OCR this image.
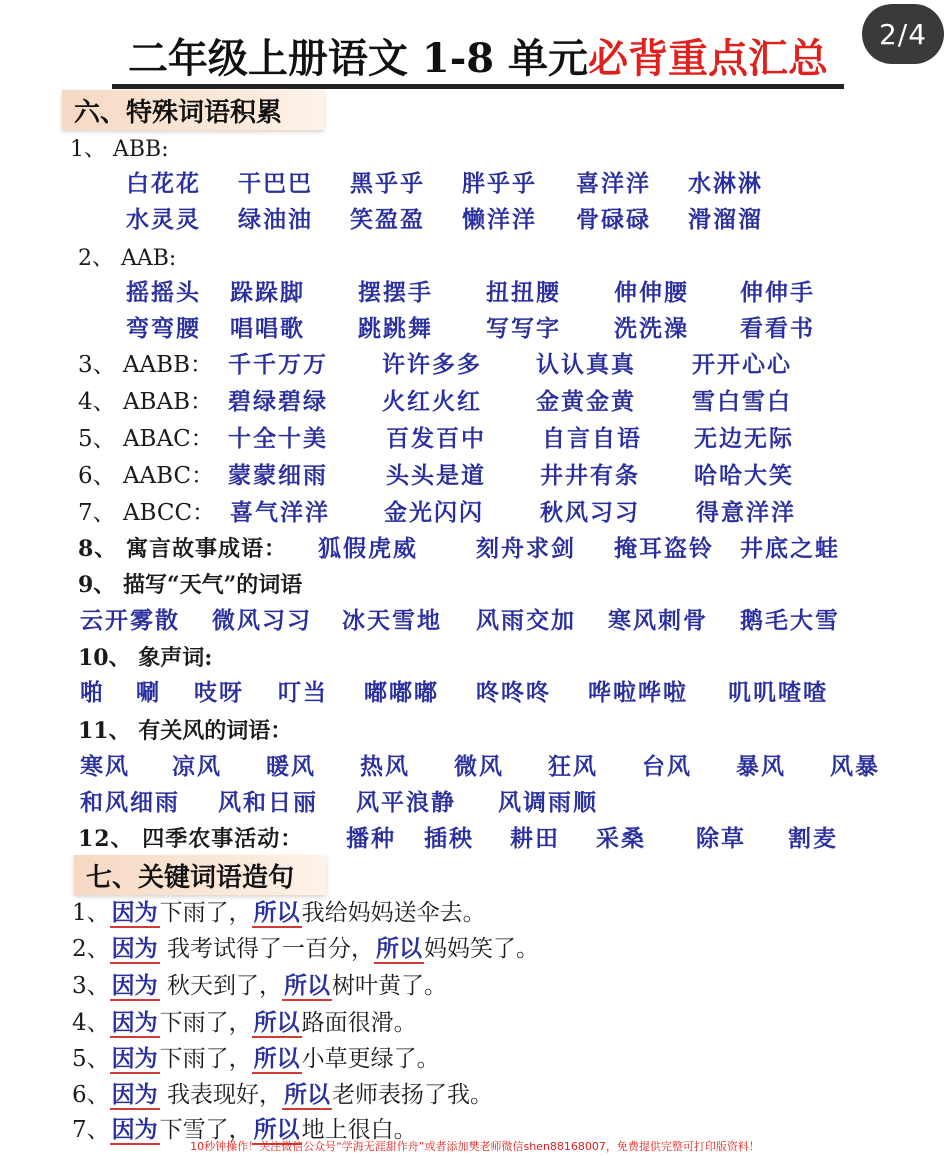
2/4
二年级上册语文 1-8 单元 必背重点汇总
六、特殊词语积累
1、 ABB:
白花花 干巴巴 黑乎乎 胖乎乎 喜洋洋 水淋淋
水灵灵 绿油油 笑盈盈 懒洋洋 骨碌碌 滑溜溜
2、 AAB:
摇摇头 跺跺脚 摆摆手 扭扭腰 伸伸腰 伸伸手
弯弯腰 唱唱歌 跳跳舞 写写字 洗洗澡 看看书
3、 AABB： 千千万万 许许多多 认认真真 开开心心
4、 ABAB： 碧绿碧绿 火红火红 金黄金黄 雪白雪白
5、 ABAC： 十全十美	百发百中 自言自语 无边无际
6、 AABC： 蒙蒙细雨	头头是道 井井有条 哈哈大笑
7、 ABCC： 喜气洋洋 金光闪闪 秋风习习 得意洋洋
8、 寓言故事成语： 狐假虎威	刻舟求剑 掩耳盗铃 井底之蛙
9、 描写“天气”的词语
云开雾散 微风习习 冰天雪地 风雨交加 寒风刺骨 鹅毛大雪
10、 象声词:
啪 唰 吱呀 叮当 嘟嘟嘟 咚咚咚 哗啦哗啦 叽叽喳喳
11、 有关风的词语：
寒风 凉风 暖风 热风 微风 狂风 台风 暴风 风暴
和风细雨 风和日丽 风平浪静 风调雨顺
12、 四季农事活动： 播种 插秧 耕田 采桑 除草 割麦
七、关键词语造句
1、因为下雨了，所以我给妈妈送伞去。
2、因为 我考试得了一百分，所以妈妈笑了。
3、因为 秋天到了，所以树叶黄了。
4、因为下雨了，所以路面很滑。
5、因为下雨了，所以小草更绿了。
6、因为 我表现好，所以老师表扬了我。
7、因为下雪了，所以地上很白。
10秒钟操作！关注微信公众号“学海无涯甜作舟”或者添加樊老师微信shen88168007，免费提供完整可打印版资料！
